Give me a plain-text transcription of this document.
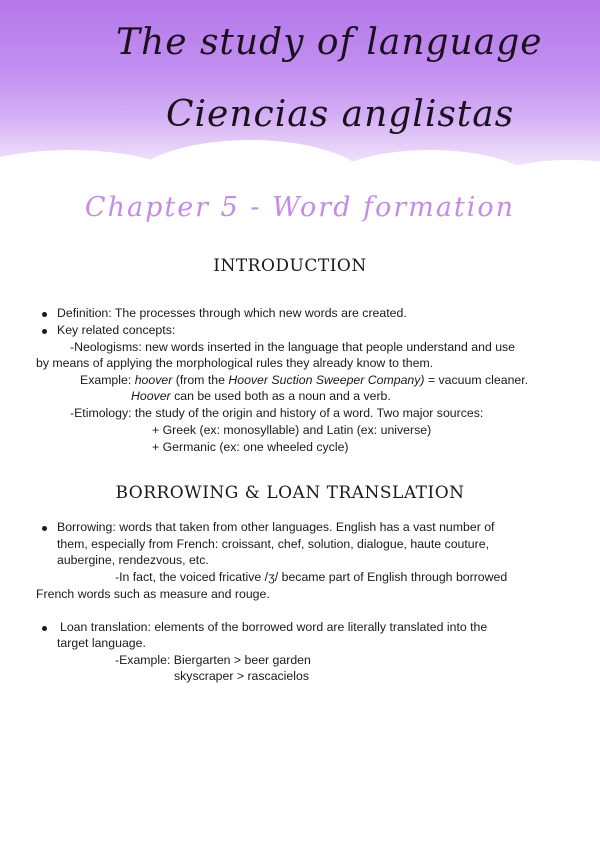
The study of language
Ciencias anglistas
Chapter 5 - Word formation
INTRODUCTION
Definition: The processes through which new words are created.
Key related concepts:
-Neologisms: new words inserted in the language that people understand and use
by means of applying the morphological rules they already know to them.
Example: hoover (from the Hoover Suction Sweeper Company) = vacuum cleaner.
Hoover can be used both as a noun and a verb.
-Etimology: the study of the origin and history of a word. Two major sources:
+ Greek (ex: monosyllable) and Latin (ex: universe)
+ Germanic (ex: one wheeled cycle)
BORROWING & LOAN TRANSLATION
Borrowing: words that taken from other languages. English has a vast number of
them, especially from French: croissant, chef, solution, dialogue, haute couture,
aubergine, rendezvous, etc.
-In fact, the voiced fricative /ʒ/ became part of English through borrowed
French words such as measure and rouge.
Loan translation: elements of the borrowed word are literally translated into the
target language.
-Example: Biergarten > beer garden
skyscraper > rascacielos
